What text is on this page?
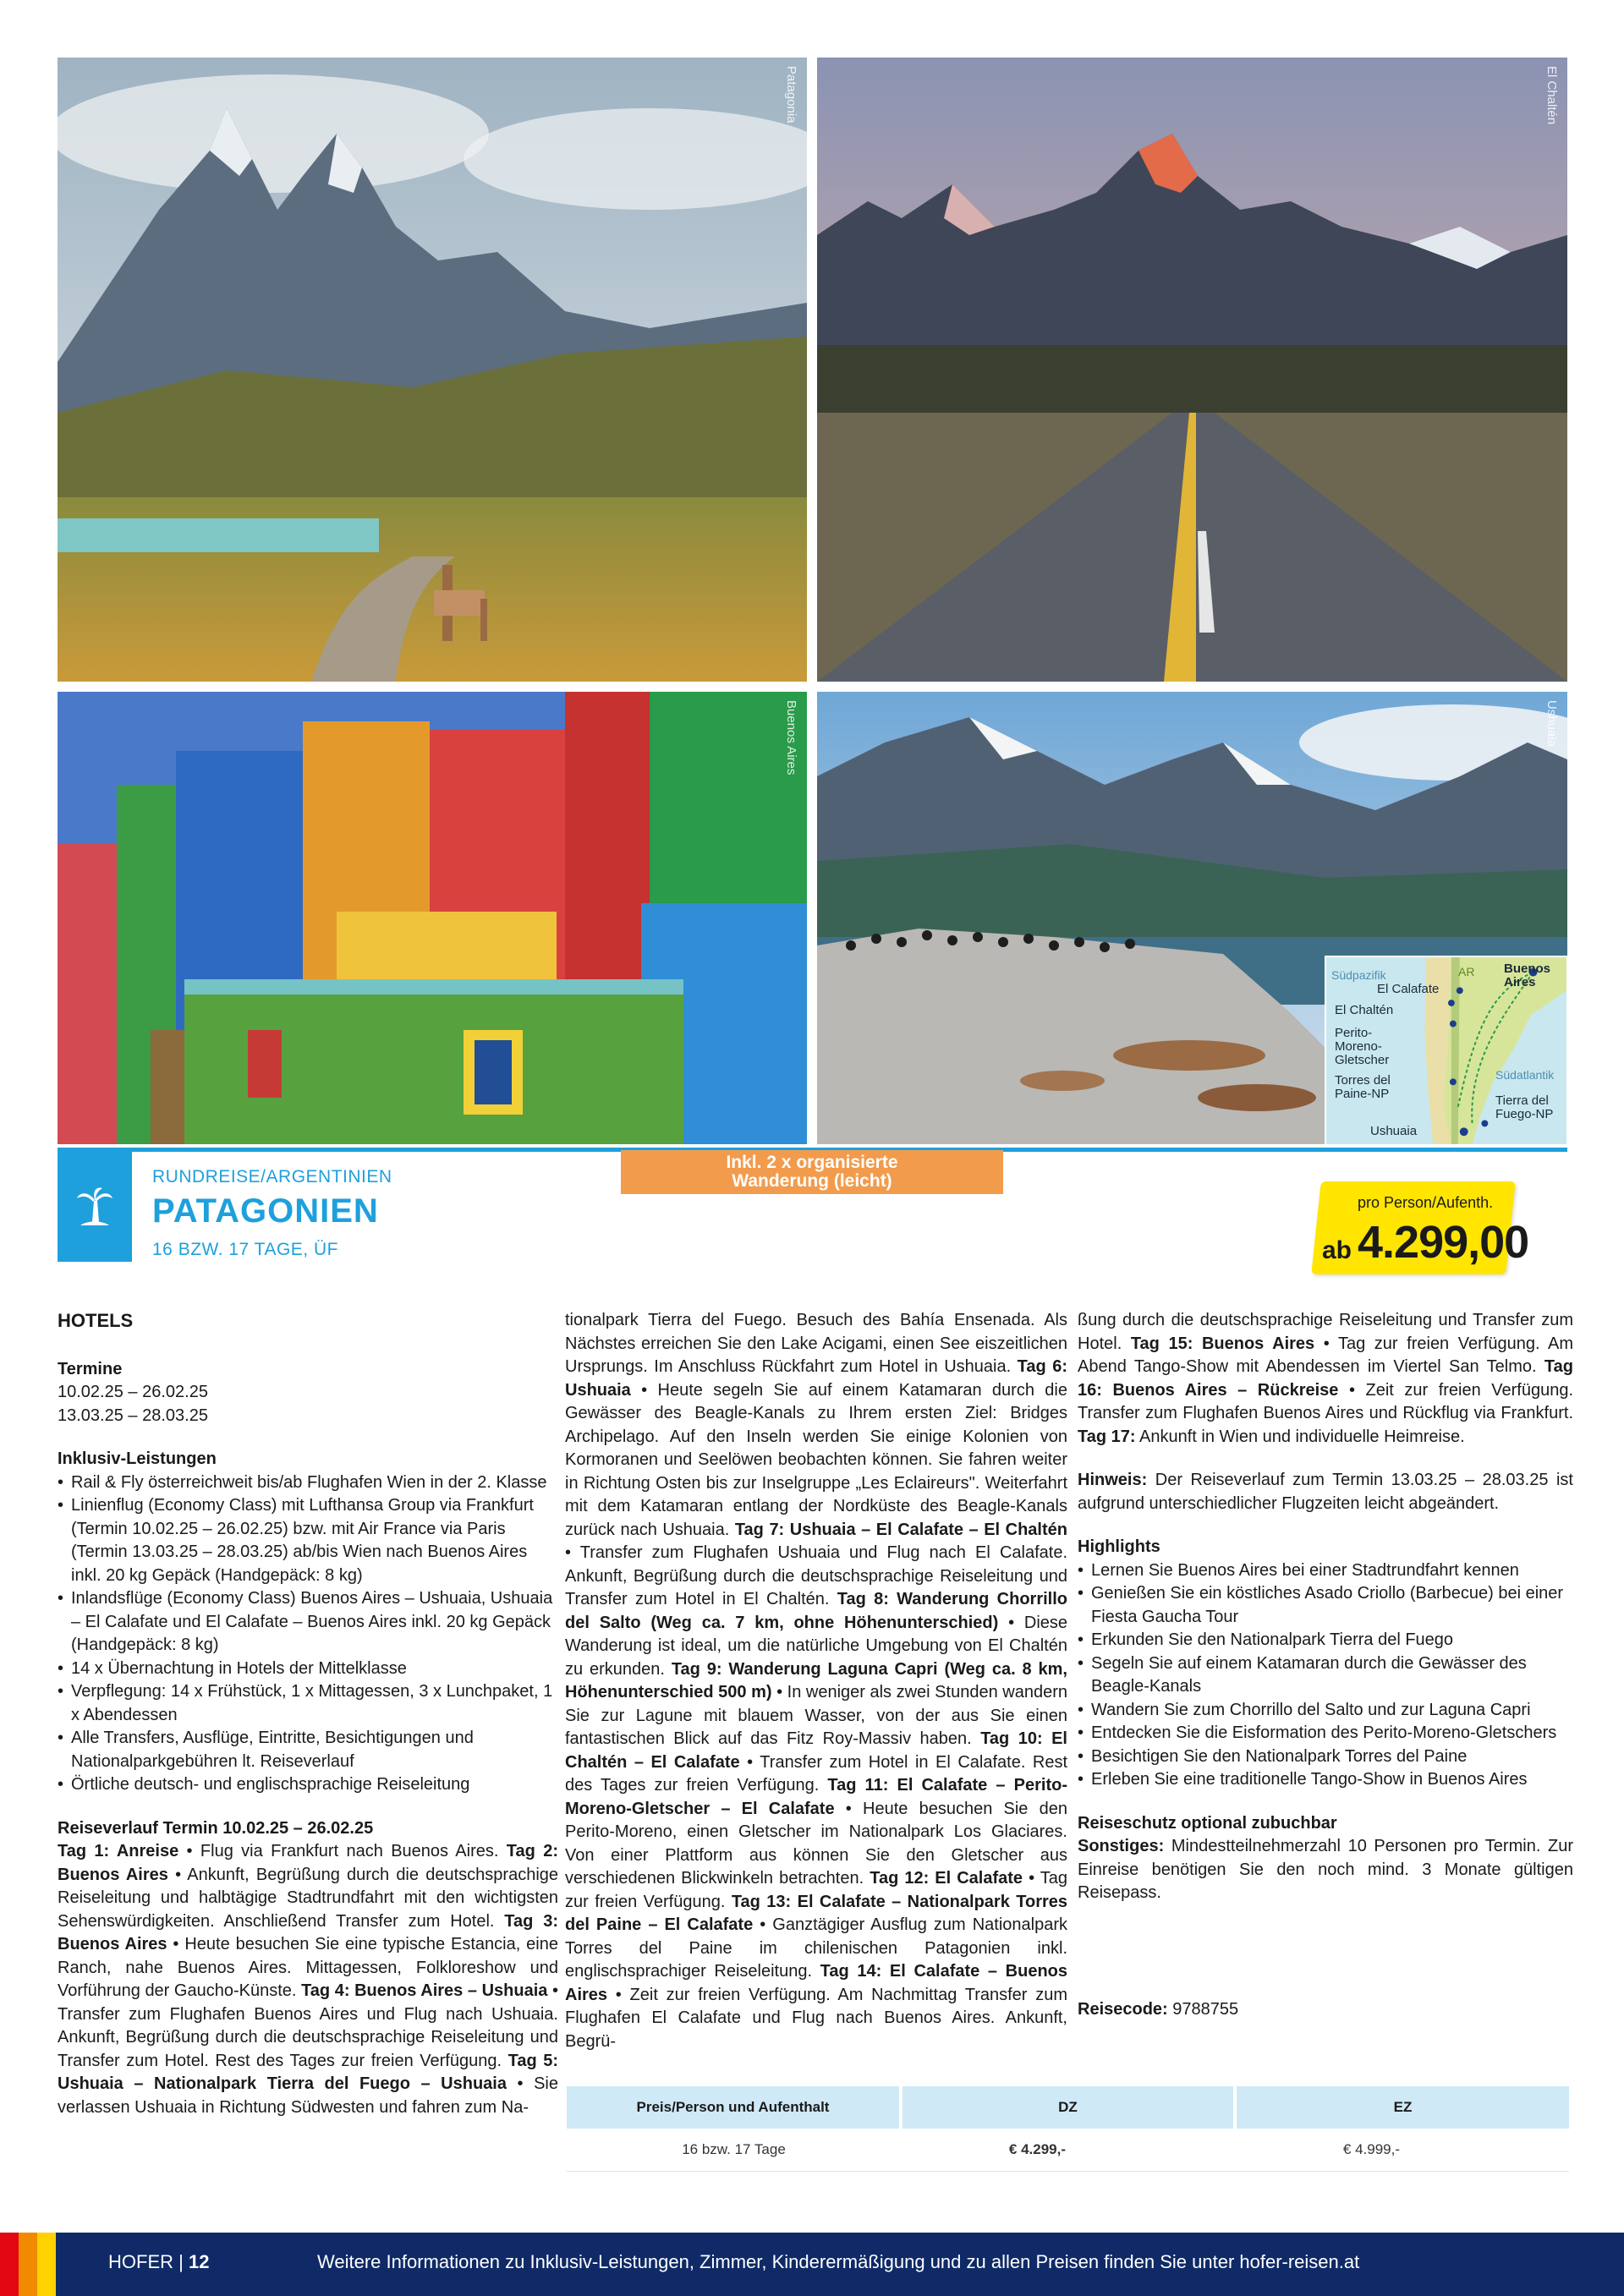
Patagonia	El Chaltén
Buenos Aires	Ushuaia
Südpazifik
Südatlantik
AR Buenos Aires
El Calafate
El Chaltén
Perito-Moreno-Gletscher
Torres del Paine-NP	Tierra del Fuego-NP
Ushuaia
RUNDREISE/ARGENTINIEN
PATAGONIEN
16 BZW. 17 TAGE, ÜF
Inkl. 2 x organisierte
Wanderung (leicht)
pro Person/Aufenth.
ab 4.299,00
HOTELS
Termine
10.02.25 – 26.02.25
13.03.25 – 28.03.25
Inklusiv-Leistungen
• Rail & Fly österreichweit bis/ab Flughafen Wien in der 2. Klasse
• Linienflug (Economy Class) mit Lufthansa Group via Frankfurt (Termin 10.02.25 – 26.02.25) bzw. mit Air France via Paris (Termin 13.03.25 – 28.03.25) ab/bis Wien nach Buenos Aires inkl. 20 kg Gepäck (Handgepäck: 8 kg)
• Inlandsflüge (Economy Class) Buenos Aires – Ushuaia, Ushuaia – El Calafate und El Calafate – Buenos Aires inkl. 20 kg Gepäck (Handgepäck: 8 kg)
• 14 x Übernachtung in Hotels der Mittelklasse
• Verpflegung: 14 x Frühstück, 1 x Mittagessen, 3 x Lunchpaket, 1 x Abendessen
• Alle Transfers, Ausflüge, Eintritte, Besichtigungen und Nationalparkgebühren lt. Reiseverlauf
• Örtliche deutsch- und englischsprachige Reiseleitung
Reiseverlauf Termin 10.02.25 – 26.02.25

Tag 1: Anreise • Flug via Frankfurt nach Buenos Aires. Tag 2: Buenos Aires • Ankunft, Begrüßung durch die deutschsprachige Reiseleitung und halbtägige Stadtrundfahrt mit den wichtigsten Sehenswürdigkeiten. Anschließend Transfer zum Hotel. Tag 3: Buenos Aires • Heute besuchen Sie eine typische Estancia, eine Ranch, nahe Buenos Aires. Mittagessen, Folkloreshow und Vorführung der Gaucho-Künste. Tag 4: Buenos Aires – Ushuaia • Transfer zum Flughafen Buenos Aires und Flug nach Ushuaia. Ankunft, Begrüßung durch die deutschsprachige Reiseleitung und Transfer zum Hotel. Rest des Tages zur freien Verfügung. Tag 5: Ushuaia – Nationalpark Tierra del Fuego – Ushuaia • Sie verlassen Ushuaia in Richtung Südwesten und fahren zum Na-

tionalpark Tierra del Fuego. Besuch des Bahía Ensenada. Als Nächstes erreichen Sie den Lake Acigami, einen See eiszeitlichen Ursprungs. Im Anschluss Rückfahrt zum Hotel in Ushuaia. Tag 6: Ushuaia • Heute segeln Sie auf einem Katamaran durch die Gewässer des Beagle-Kanals zu Ihrem ersten Ziel: Bridges Archipelago. Auf den Inseln werden Sie einige Kolonien von Kormoranen und Seelöwen beobachten können. Sie fahren weiter in Richtung Osten bis zur Inselgruppe „Les Eclaireurs". Weiterfahrt mit dem Katamaran entlang der Nordküste des Beagle-Kanals zurück nach Ushuaia. Tag 7: Ushuaia – El Calafate – El Chaltén • Transfer zum Flughafen Ushuaia und Flug nach El Calafate. Ankunft, Begrüßung durch die deutschsprachige Reiseleitung und Transfer zum Hotel in El Chaltén. Tag 8: Wanderung Chorrillo del Salto (Weg ca. 7 km, ohne Höhenunterschied) • Diese Wanderung ist ideal, um die natürliche Umgebung von El Chaltén zu erkunden. Tag 9: Wanderung Laguna Capri (Weg ca. 8 km, Höhenunterschied 500 m) • In weniger als zwei Stunden wandern Sie zur Lagune mit blauem Wasser, von der aus Sie einen fantastischen Blick auf das Fitz Roy-Massiv haben. Tag 10: El Chaltén – El Calafate • Transfer zum Hotel in El Calafate. Rest des Tages zur freien Verfügung. Tag 11: El Calafate – Perito-Moreno-Gletscher – El Calafate • Heute besuchen Sie den Perito-Moreno, einen Gletscher im Nationalpark Los Glaciares. Von einer Plattform aus können Sie den Gletscher aus verschiedenen Blickwinkeln betrachten. Tag 12: El Calafate • Tag zur freien Verfügung. Tag 13: El Calafate – Nationalpark Torres del Paine – El Calafate • Ganztägiger Ausflug zum Nationalpark Torres del Paine im chilenischen Patagonien inkl. englischsprachiger Reiseleitung. Tag 14: El Calafate – Buenos Aires • Zeit zur freien Verfügung. Am Nachmittag Transfer zum Flughafen El Calafate und Flug nach Buenos Aires. Ankunft, Begrü-

ßung durch die deutschsprachige Reiseleitung und Transfer zum Hotel. Tag 15: Buenos Aires • Tag zur freien Verfügung. Am Abend Tango-Show mit Abendessen im Viertel San Telmo. Tag 16: Buenos Aires – Rückreise • Zeit zur freien Verfügung. Transfer zum Flughafen Buenos Aires und Rückflug via Frankfurt. Tag 17: Ankunft in Wien und individuelle Heimreise.

Hinweis: Der Reiseverlauf zum Termin 13.03.25 – 28.03.25 ist aufgrund unterschiedlicher Flugzeiten leicht abgeändert.

Highlights
• Lernen Sie Buenos Aires bei einer Stadtrundfahrt kennen
• Genießen Sie ein köstliches Asado Criollo (Barbecue) bei einer Fiesta Gaucha Tour
• Erkunden Sie den Nationalpark Tierra del Fuego
• Segeln Sie auf einem Katamaran durch die Gewässer des Beagle-Kanals
• Wandern Sie zum Chorrillo del Salto und zur Laguna Capri
• Entdecken Sie die Eisformation des Perito-Moreno-Gletschers
• Besichtigen Sie den Nationalpark Torres del Paine
• Erleben Sie eine traditionelle Tango-Show in Buenos Aires
Reiseschutz optional zubuchbar

Sonstiges: Mindestteilnehmerzahl 10 Personen pro Termin. Zur Einreise benötigen Sie den noch mind. 3 Monate gültigen Reisepass.

Reisecode: 9788755

Preis/Person und Aufenthalt	DZ	EZ
16 bzw. 17 Tage	€ 4.299,-	€ 4.999,-
HOFER | 12	Weitere Informationen zu Inklusiv-Leistungen, Zimmer, Kinderermäßigung und zu allen Preisen finden Sie unter hofer-reisen.at
